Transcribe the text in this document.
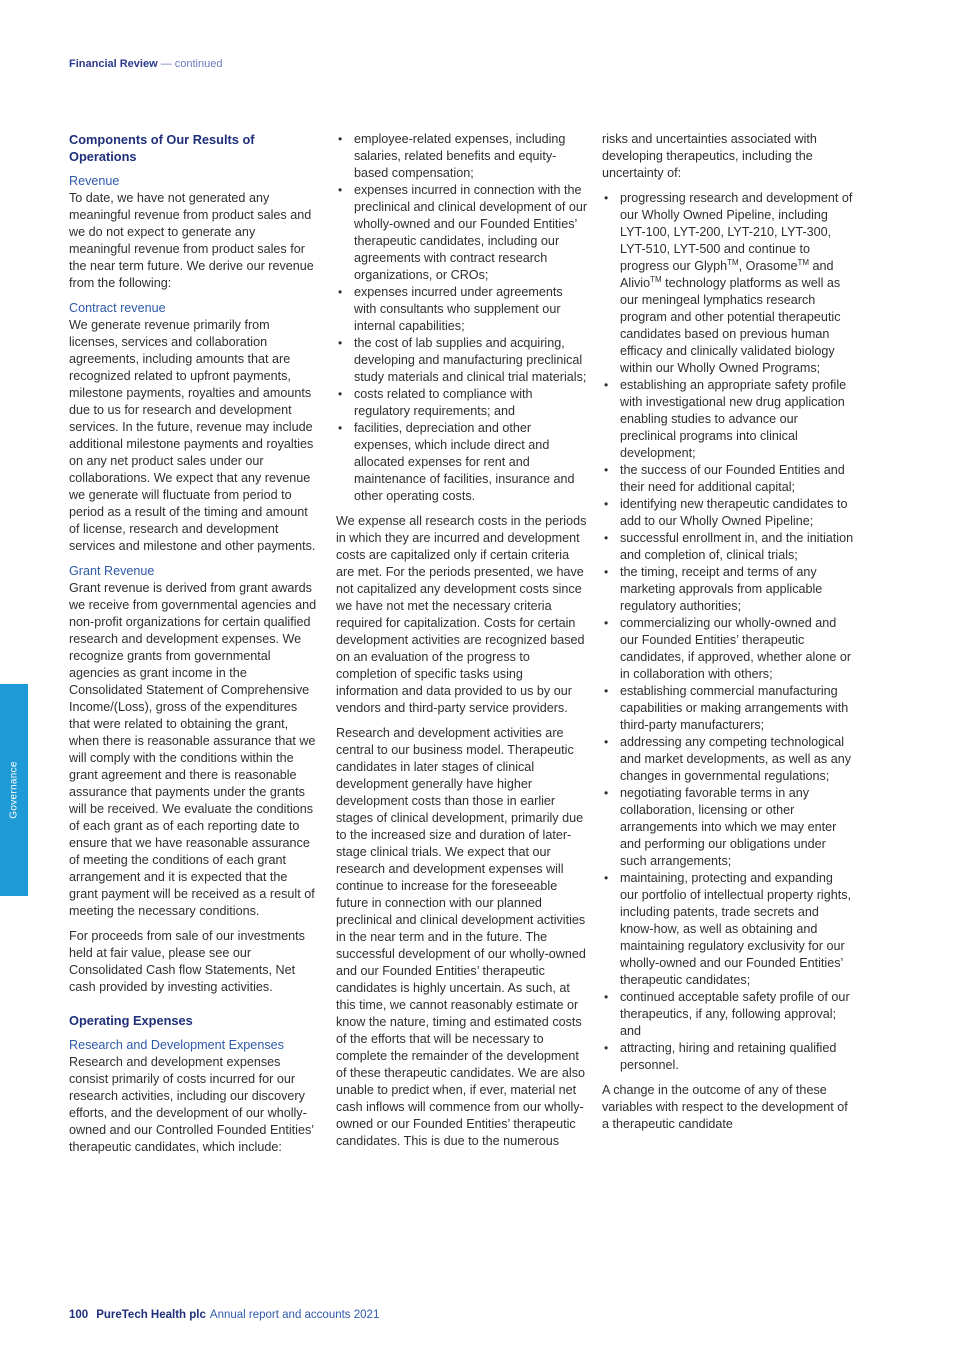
Financial Review — continued
Governance
Components of Our Results of Operations
Revenue

To date, we have not generated any meaningful revenue from product sales and we do not expect to generate any meaningful revenue from product sales for the near term future. We derive our revenue from the following:

Contract revenue

We generate revenue primarily from licenses, services and collaboration agreements, including amounts that are recognized related to upfront payments, milestone payments, royalties and amounts due to us for research and development services. In the future, revenue may include additional milestone payments and royalties on any net product sales under our collaborations. We expect that any revenue we generate will fluctuate from period to period as a result of the timing and amount of license, research and development services and milestone and other payments.

Grant Revenue

Grant revenue is derived from grant awards we receive from governmental agencies and non-profit organizations for certain qualified research and development expenses. We recognize grants from governmental agencies as grant income in the Consolidated Statement of Comprehensive Income/(Loss), gross of the expenditures that were related to obtaining the grant, when there is reasonable assurance that we will comply with the conditions within the grant agreement and there is reasonable assurance that payments under the grants will be received. We evaluate the conditions of each grant as of each reporting date to ensure that we have reasonable assurance of meeting the conditions of each grant arrangement and it is expected that the grant payment will be received as a result of meeting the necessary conditions.

For proceeds from sale of our investments held at fair value, please see our Consolidated Cash flow Statements, Net cash provided by investing activities.

Operating Expenses
Research and Development Expenses

Research and development expenses consist primarily of costs incurred for our research activities, including our discovery efforts, and the development of our wholly-owned and our Controlled Founded Entities’ therapeutic candidates, which include:

• employee-related expenses, including salaries, related benefits and equity-based compensation;
• expenses incurred in connection with the preclinical and clinical development of our wholly-owned and our Founded Entities’ therapeutic candidates, including our agreements with contract research organizations, or CROs;
• expenses incurred under agreements with consultants who supplement our internal capabilities;
• the cost of lab supplies and acquiring, developing and manufacturing preclinical study materials and clinical trial materials;
• costs related to compliance with regulatory requirements; and
• facilities, depreciation and other expenses, which include direct and allocated expenses for rent and maintenance of facilities, insurance and other operating costs.

We expense all research costs in the periods in which they are incurred and development costs are capitalized only if certain criteria are met. For the periods presented, we have not capitalized any development costs since we have not met the necessary criteria required for capitalization. Costs for certain development activities are recognized based on an evaluation of the progress to completion of specific tasks using information and data provided to us by our vendors and third-party service providers.

Research and development activities are central to our business model. Therapeutic candidates in later stages of clinical development generally have higher development costs than those in earlier stages of clinical development, primarily due to the increased size and duration of later-stage clinical trials. We expect that our research and development expenses will continue to increase for the foreseeable future in connection with our planned preclinical and clinical development activities in the near term and in the future. The successful development of our wholly-owned and our Founded Entities’ therapeutic candidates is highly uncertain. As such, at this time, we cannot reasonably estimate or know the nature, timing and estimated costs of the efforts that will be necessary to complete the remainder of the development of these therapeutic candidates. We are also unable to predict when, if ever, material net cash inflows will commence from our wholly-owned or our Founded Entities’ therapeutic candidates. This is due to the numerous

risks and uncertainties associated with developing therapeutics, including the uncertainty of:

• progressing research and development of our Wholly Owned Pipeline, including LYT-100, LYT-200, LYT-210, LYT-300, LYT-510, LYT-500 and continue to progress our Glyph™, Orasome™ and Alivio™ technology platforms as well as our meningeal lymphatics research program and other potential therapeutic candidates based on previous human efficacy and clinically validated biology within our Wholly Owned Programs;
• establishing an appropriate safety profile with investigational new drug application enabling studies to advance our preclinical programs into clinical development;
• the success of our Founded Entities and their need for additional capital;
• identifying new therapeutic candidates to add to our Wholly Owned Pipeline;
• successful enrollment in, and the initiation and completion of, clinical trials;
• the timing, receipt and terms of any marketing approvals from applicable regulatory authorities;
• commercializing our wholly-owned and our Founded Entities’ therapeutic candidates, if approved, whether alone or in collaboration with others;
• establishing commercial manufacturing capabilities or making arrangements with third-party manufacturers;
• addressing any competing technological and market developments, as well as any changes in governmental regulations;
• negotiating favorable terms in any collaboration, licensing or other arrangements into which we may enter and performing our obligations under such arrangements;
• maintaining, protecting and expanding our portfolio of intellectual property rights, including patents, trade secrets and know-how, as well as obtaining and maintaining regulatory exclusivity for our wholly-owned and our Founded Entities’ therapeutic candidates;
• continued acceptable safety profile of our therapeutics, if any, following approval; and
• attracting, hiring and retaining qualified personnel.

A change in the outcome of any of these variables with respect to the development of a therapeutic candidate

100 PureTech Health plc Annual report and accounts 2021
